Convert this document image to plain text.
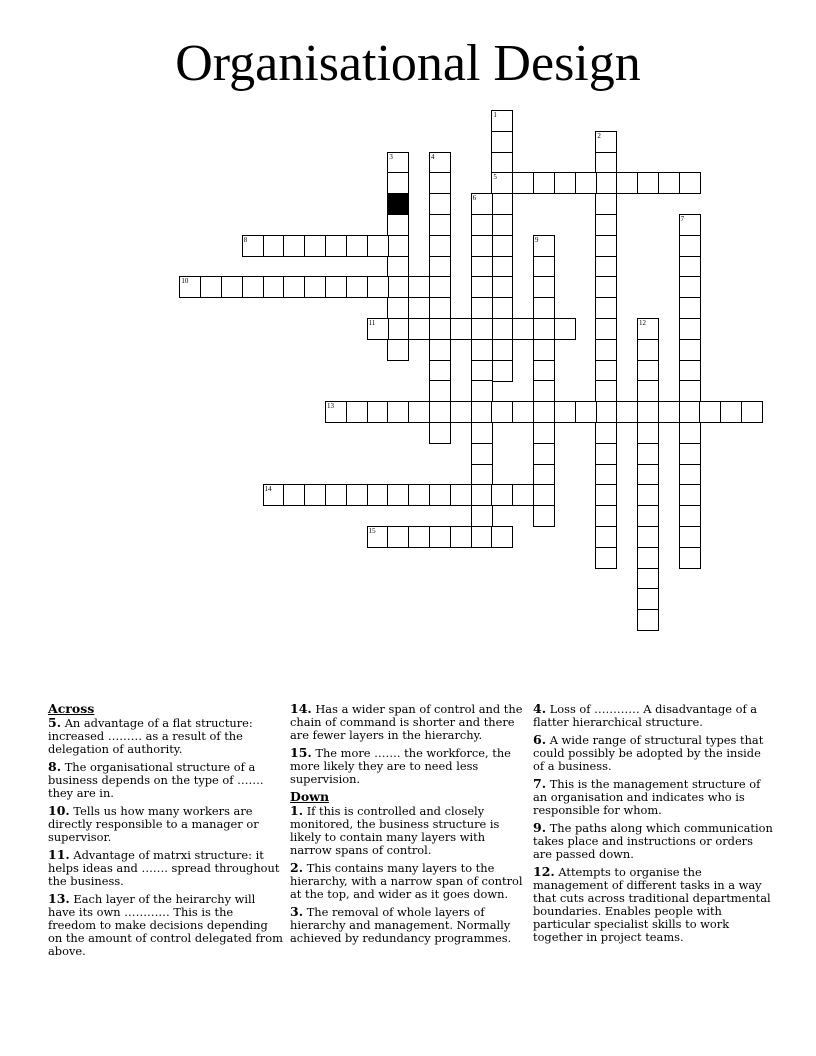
Organisational Design
1
5
2
3	4
6
7
8	9
10
11	12
13
14
15

Across

5. An advantage of a flat structure: increased ……… as a result of the delegation of authority.

8. The organisational structure of a business depends on the type of ……. they are in.

10. Tells us how many workers are directly responsible to a manager or supervisor.

11. Advantage of matrxi structure: it helps ideas and ……. spread throughout the business.

13. Each layer of the heirarchy will have its own ………… This is the freedom to make decisions depending on the amount of control delegated from above.

14. Has a wider span of control and the chain of command is shorter and there are fewer layers in the hierarchy.

15. The more ……. the workforce, the more likely they are to need less supervision.

Down

1. If this is controlled and closely monitored, the business structure is likely to contain many layers with narrow spans of control.

2. This contains many layers to the hierarchy, with a narrow span of control at the top, and wider as it goes down.

3. The removal of whole layers of hierarchy and management. Normally achieved by redundancy programmes.

4. Loss of ………… A disadvantage of a flatter hierarchical structure.

6. A wide range of structural types that could possibly be adopted by the inside of a business.

7. This is the management structure of an organisation and indicates who is responsible for whom.

9. The paths along which communication takes place and instructions or orders are passed down.

12. Attempts to organise the management of different tasks in a way that cuts across traditional departmental boundaries. Enables people with particular specialist skills to work together in project teams.
